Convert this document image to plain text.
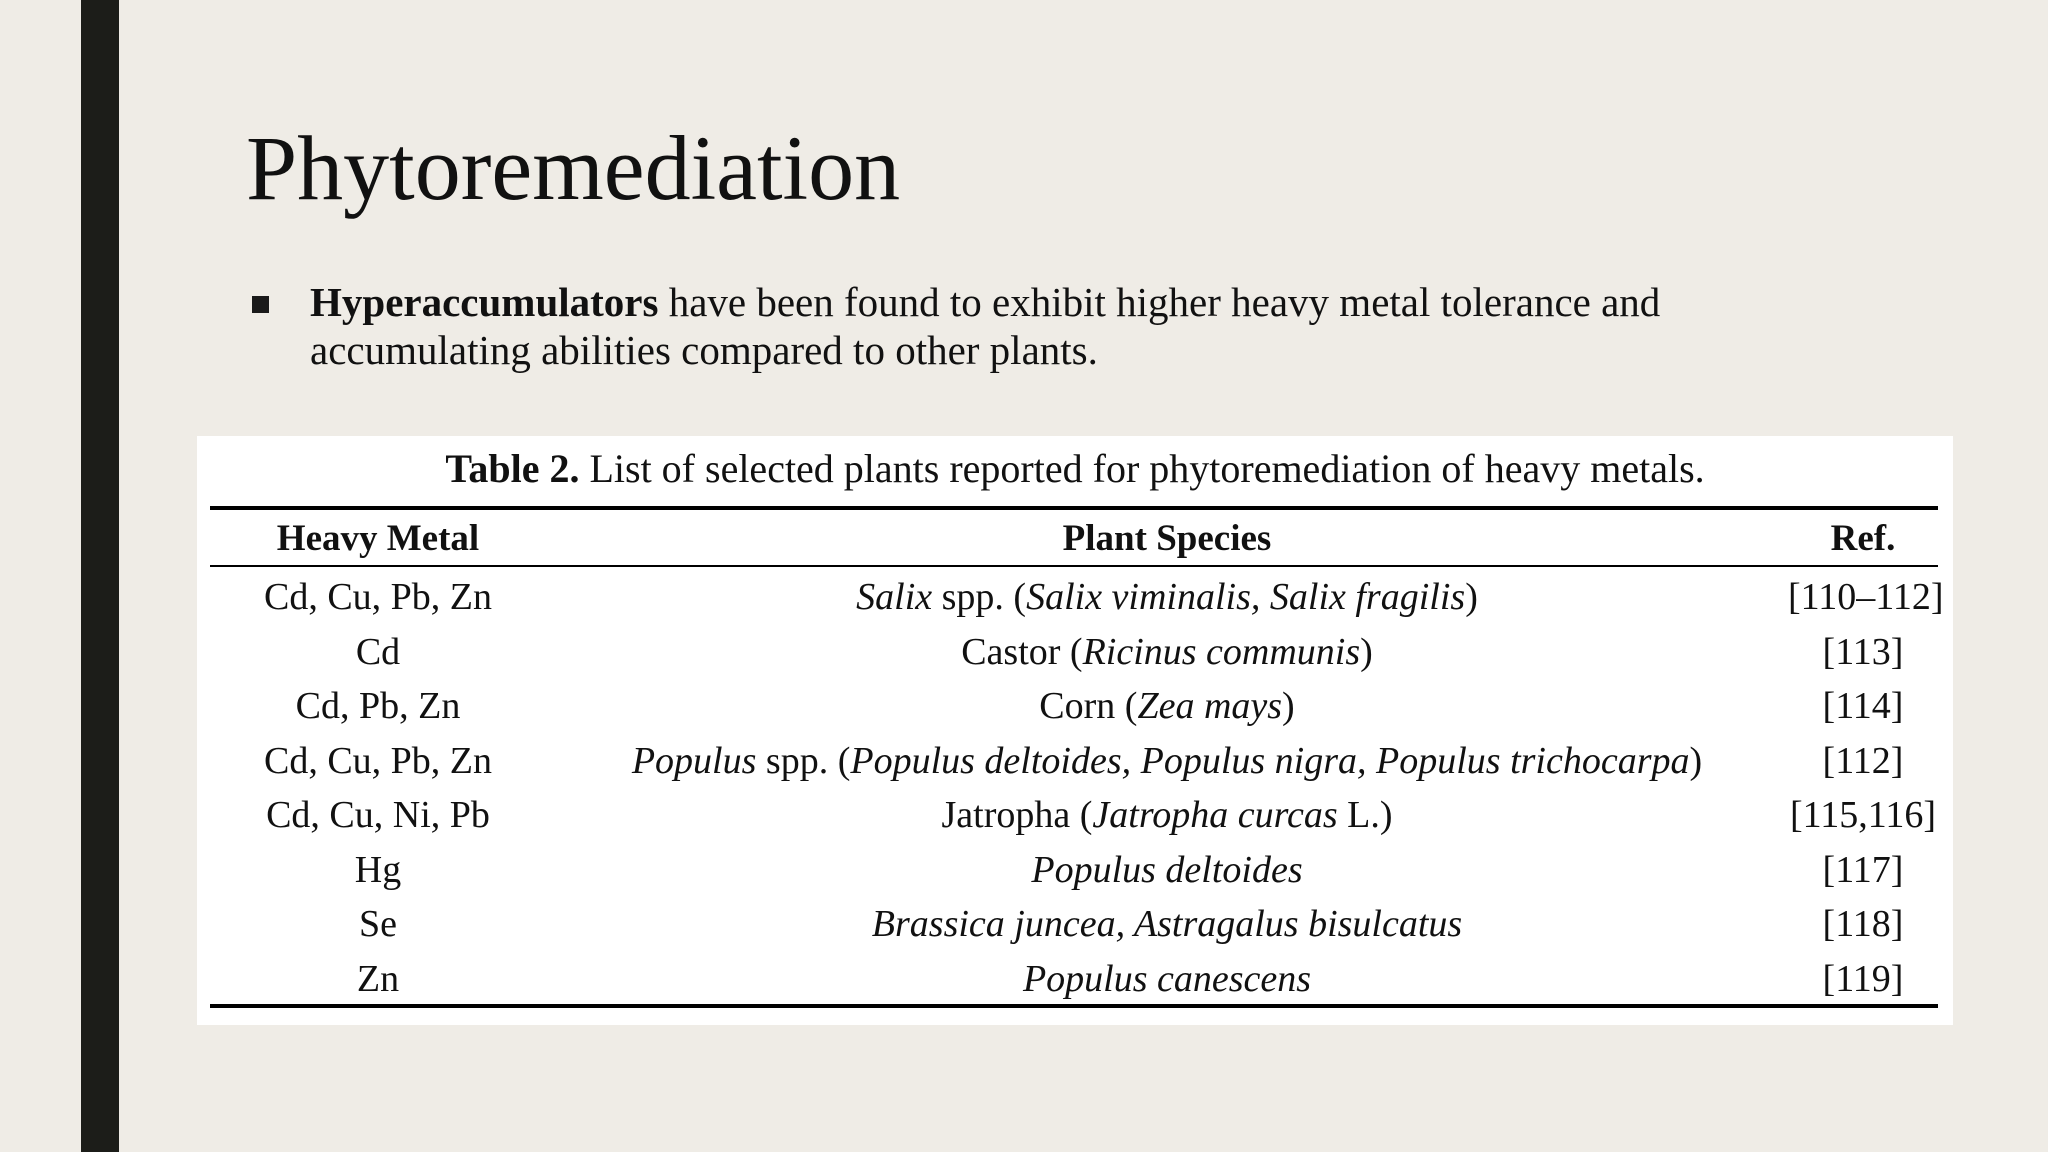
Phytoremediation
Hyperaccumulators have been found to exhibit higher heavy metal tolerance and accumulating abilities compared to other plants.
Table 2. List of selected plants reported for phytoremediation of heavy metals.
Heavy Metal	Plant Species	Ref.
Cd, Cu, Pb, Zn	Salix spp. (Salix viminalis, Salix fragilis)	[110–112]
Cd	Castor (Ricinus communis)	[113]
Cd, Pb, Zn	Corn (Zea mays)	[114]
Cd, Cu, Pb, Zn	Populus spp. (Populus deltoides, Populus nigra, Populus trichocarpa)	[112]
Cd, Cu, Ni, Pb	Jatropha (Jatropha curcas L.)	[115,116]
Hg	Populus deltoides	[117]
Se	Brassica juncea, Astragalus bisulcatus	[118]
Zn	Populus canescens	[119]
